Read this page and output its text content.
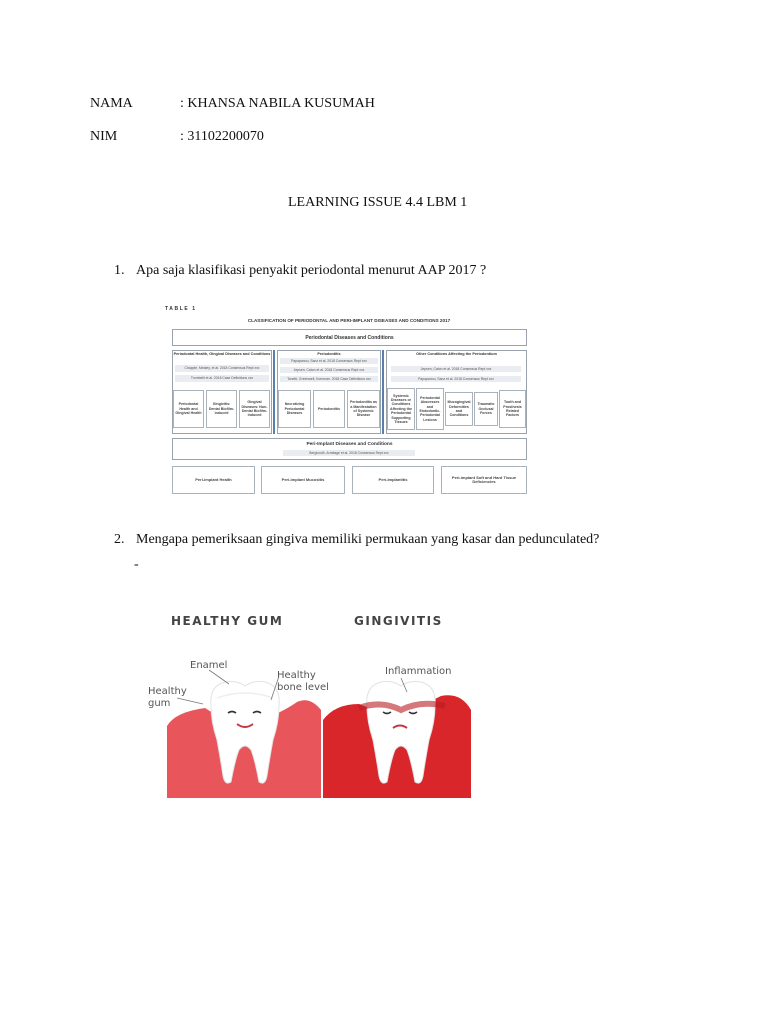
NAMA	: KHANSA NABILA KUSUMAH
NIM	: 31102200070
LEARNING ISSUE 4.4 LBM 1
1. Apa saja klasifikasi penyakit periodontal menurut AAP 2017 ?
TABLE 1
CLASSIFICATION OF PERIODONTAL AND PERI-IMPLANT DISEASES AND CONDITIONS 2017
Periodontal Diseases and Conditions
Periodontal Health, Gingival Diseases and Conditions
Chapple, Mealey, et al. 2018 Consensus Rept xxx
Trombelli et al. 2018 Case Definitions xxx
Periodontal Health and Gingival Health
Gingivitis: Dental Biofilm-induced
Gingival Diseases: Non-Dental Biofilm-induced
Periodontitis
Papapanou, Sanz et al. 2018 Consensus Rept xxx
Jepsen, Caton et al. 2018 Consensus Rept xxx
Tonetti, Greenwell, Kornman. 2018 Case Definitions xxx
Necrotizing Periodontal Diseases
Periodontitis
Periodontitis as a Manifestation of Systemic Disease
Other Conditions Affecting the Periodontium
Jepsen, Caton et al. 2018 Consensus Rept xxx
Papapanou, Sanz et al. 2018 Consensus Rept xxx
Systemic Diseases or Conditions Affecting the Periodontal Supporting Tissues
Periodontal Abscesses and Endodontic-Periodontal Lesions
Mucogingival Deformities and Conditions
Traumatic Occlusal Forces
Tooth and Prosthesis Related Factors
Peri-Implant Diseases and Conditions
Berglundh, Armitage et al. 2018 Consensus Rept xxx
Peri-implant Health	Peri-implant Mucositis	Peri-implantitis	Peri-implant Soft and Hard Tissue Deficiencies
2. Mengapa pemeriksaan gingiva memiliki permukaan yang kasar dan pedunculated?
-
HEALTHY GUM	GINGIVITIS
Enamel
Healthy
gum
Healthy
bone level
Inflammation
